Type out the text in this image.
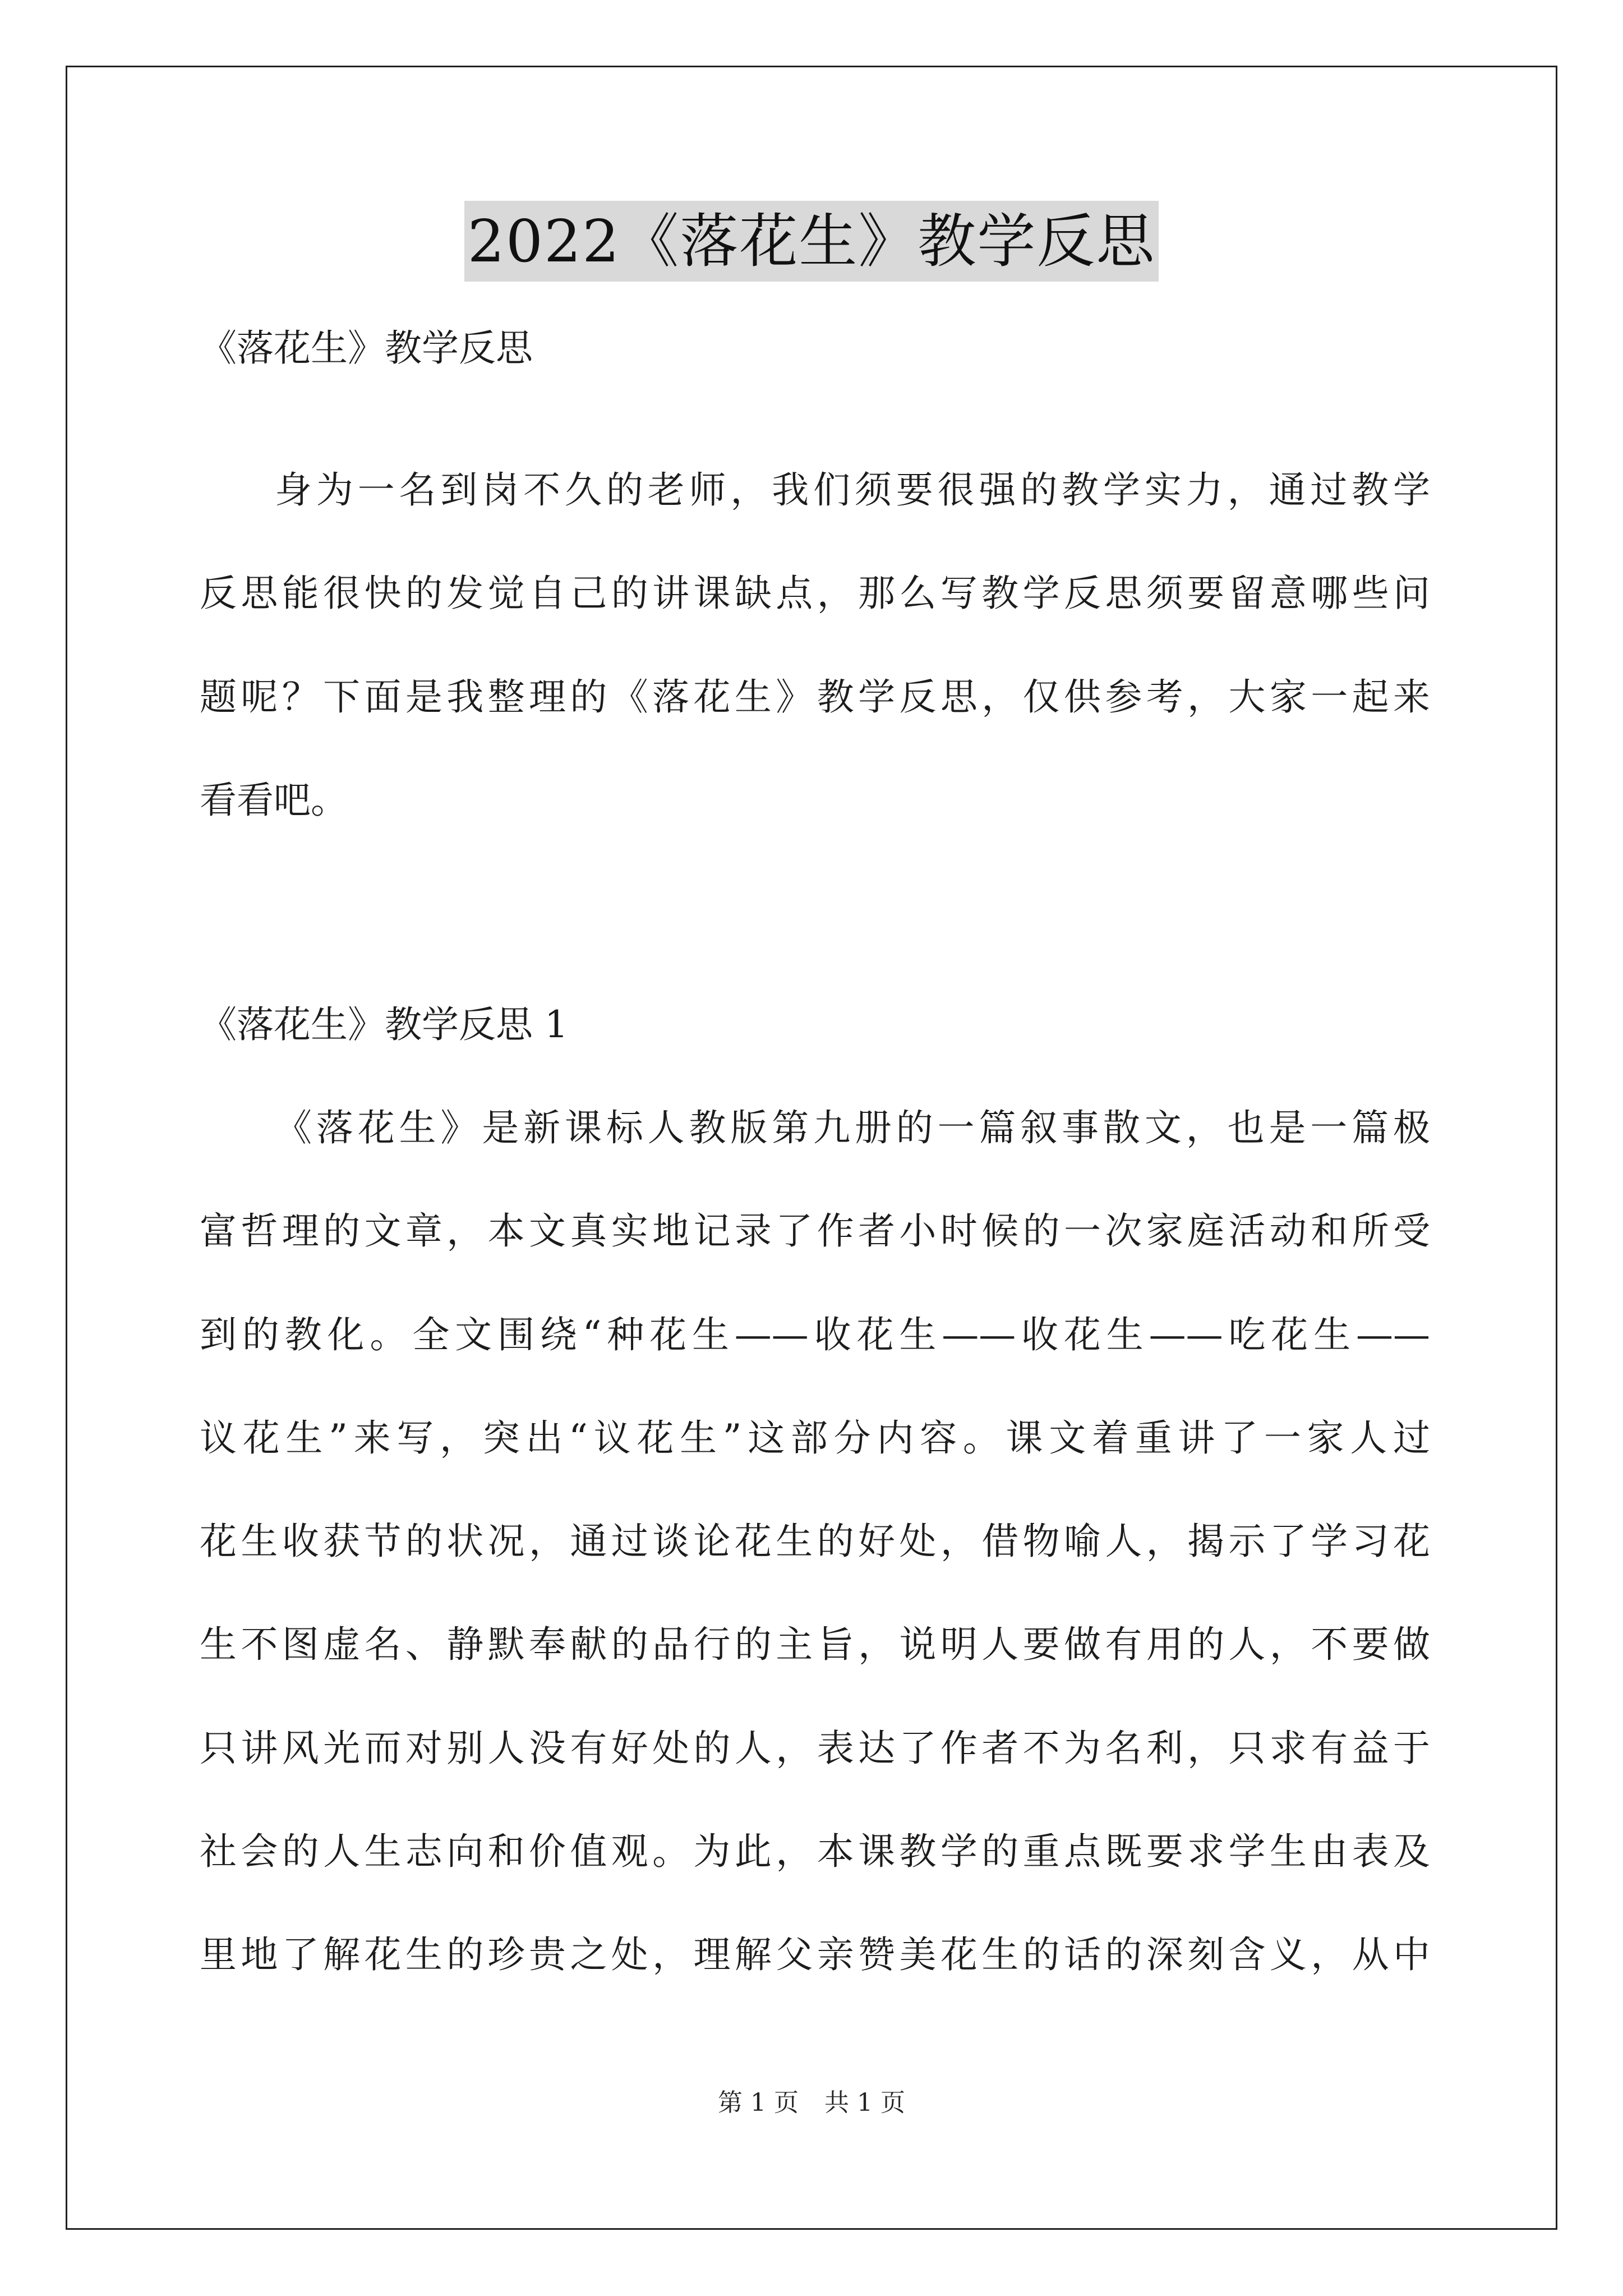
2022《落花生》教学反思
《落花生》教学反思
身为一名到岗不久的老师，我们须要很强的教学实力，通过教学
反思能很快的发觉自己的讲课缺点，那么写教学反思须要留意哪些问
题呢？下面是我整理的《落花生》教学反思，仅供参考，大家一起来
看看吧。
《落花生》教学反思 1
《落花生》是新课标人教版第九册的一篇叙事散文，也是一篇极
富哲理的文章，本文真实地记录了作者小时候的一次家庭活动和所受
到的教化。全文围绕“种花生——收花生——收花生——吃花生——
议花生”来写，突出“议花生”这部分内容。课文着重讲了一家人过
花生收获节的状况，通过谈论花生的好处，借物喻人，揭示了学习花
生不图虚名、静默奉献的品行的主旨，说明人要做有用的人，不要做
只讲风光而对别人没有好处的人，表达了作者不为名利，只求有益于
社会的人生志向和价值观。为此，本课教学的重点既要求学生由表及
里地了解花生的珍贵之处，理解父亲赞美花生的话的深刻含义，从中
第 1 页 共 1 页
